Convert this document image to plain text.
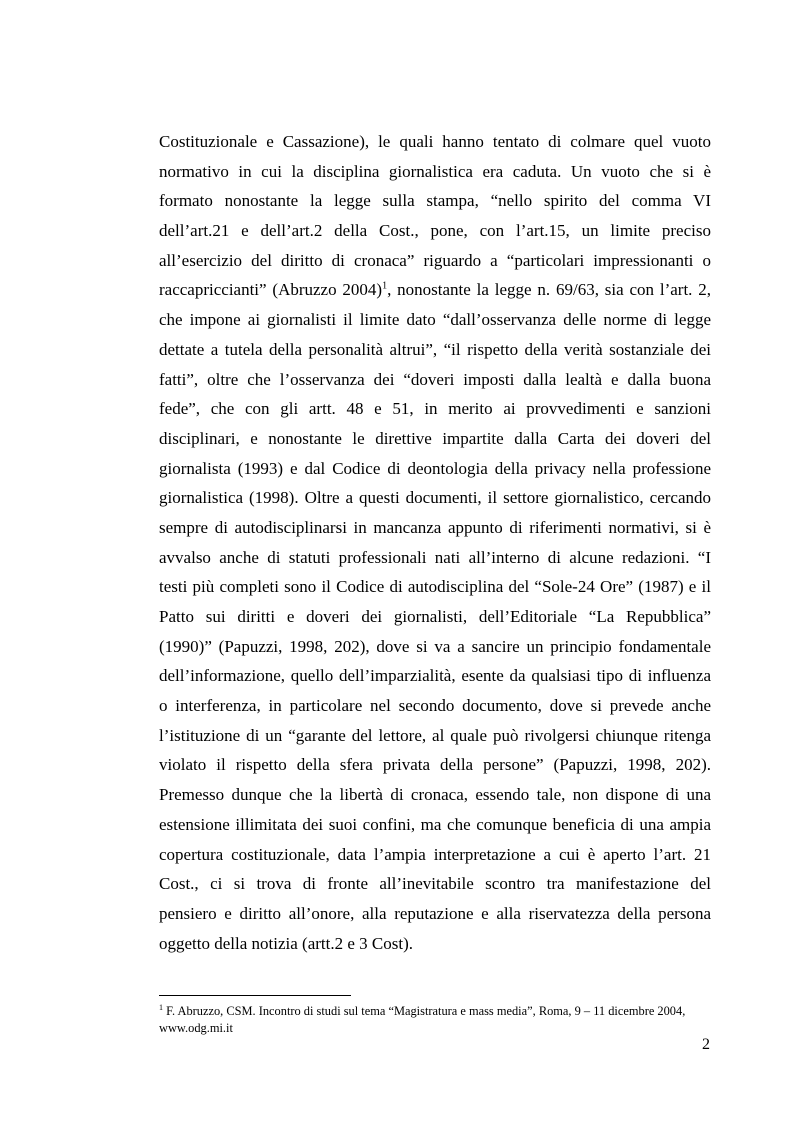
Costituzionale e Cassazione), le quali hanno tentato di colmare quel vuoto
normativo in cui la disciplina giornalistica era caduta. Un vuoto che si è
formato nonostante la legge sulla stampa, “nello spirito del comma VI
dell’art.21 e dell’art.2 della Cost., pone, con l’art.15, un limite preciso
all’esercizio del diritto di cronaca” riguardo a “particolari impressionanti o
raccapriccianti” (Abruzzo 2004)$^1$, nonostante la legge n. 69/63, sia con l’art. 2,
che impone ai giornalisti il limite dato “dall’osservanza delle norme di legge
dettate a tutela della personalità altrui”, “il rispetto della verità sostanziale dei
fatti”, oltre che l’osservanza dei “doveri imposti dalla lealtà e dalla buona
fede”, che con gli artt. 48 e 51, in merito ai provvedimenti e sanzioni
disciplinari, e nonostante le direttive impartite dalla Carta dei doveri del
giornalista (1993) e dal Codice di deontologia della privacy nella professione
giornalistica (1998). Oltre a questi documenti, il settore giornalistico, cercando
sempre di autodisciplinarsi in mancanza appunto di riferimenti normativi, si è
avvalso anche di statuti professionali nati all’interno di alcune redazioni. “I
testi più completi sono il Codice di autodisciplina del “Sole-24 Ore” (1987) e il
Patto sui diritti e doveri dei giornalisti, dell’Editoriale “La Repubblica”
(1990)” (Papuzzi, 1998, 202), dove si va a sancire un principio fondamentale
dell’informazione, quello dell’imparzialità, esente da qualsiasi tipo di influenza
o interferenza, in particolare nel secondo documento, dove si prevede anche
l’istituzione di un “garante del lettore, al quale può rivolgersi chiunque ritenga
violato il rispetto della sfera privata della persone” (Papuzzi, 1998, 202).
Premesso dunque che la libertà di cronaca, essendo tale, non dispone di una
estensione illimitata dei suoi confini, ma che comunque beneficia di una ampia
copertura costituzionale, data l’ampia interpretazione a cui è aperto l’art. 21
Cost., ci si trova di fronte all’inevitabile scontro tra manifestazione del
pensiero e diritto all’onore, alla reputazione e alla riservatezza della persona
oggetto della notizia (artt.2 e 3 Cost).
$^1$ F. Abruzzo, CSM. Incontro di studi sul tema “Magistratura e mass media”, Roma, 9 – 11 dicembre 2004, www.odg.mi.it
2
